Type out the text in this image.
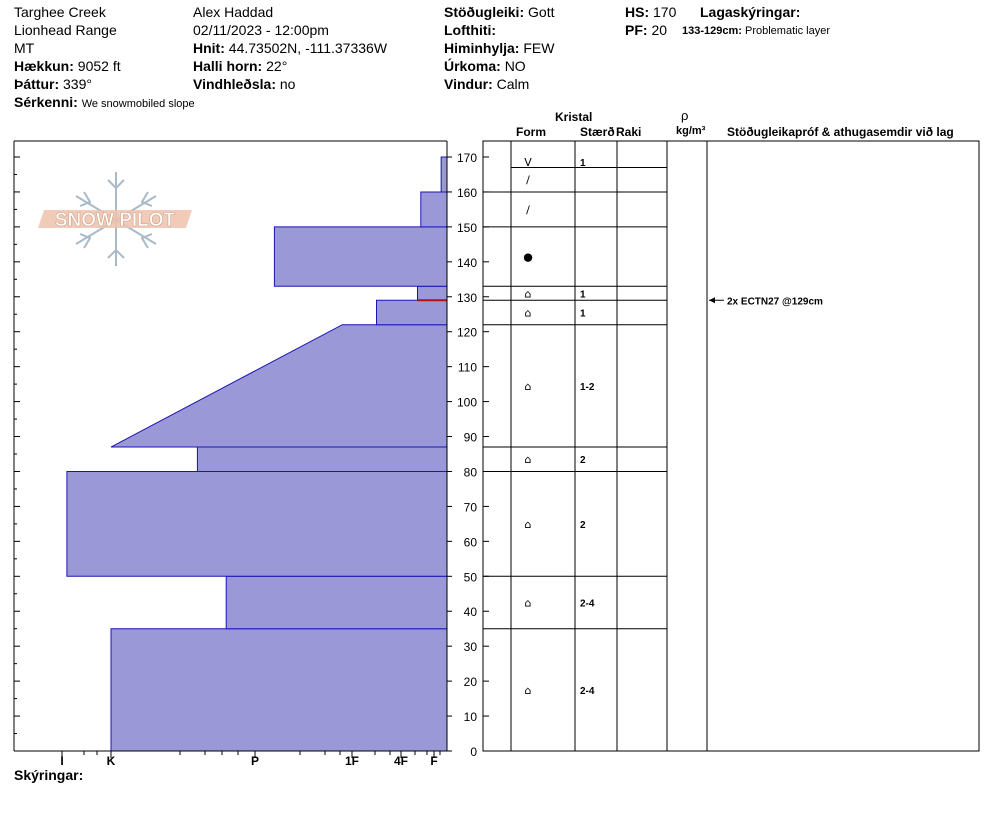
Targhee Creek
Lionhead Range
MT
Hækkun: 9052 ft
Þáttur: 339°
Sérkenni: We snowmobiled slope
Alex Haddad
02/11/2023 - 12:00pm
Hnit: 44.73502N, -111.37336W
Halli horn: 22°
Vindhleðsla: no
Stöðugleiki: Gott
Lofthiti:
Himinhylja: FEW
Úrkoma: NO
Vindur: Calm
HS: 170
PF: 20
Lagaskýringar:
133-129cm: Problematic layer
Kristal
Form	Stærð Raki
ρ
kg/m³ Stöðugleikapróf & athugasemdir við lag
SNOW PILOT
0
10
20
30
40
50
60
70
80
90
100
110
120
130
140
150
160
170
I	K	P	1F	4F F
V	1
/
/
●
⌂	1
⌂	1
⌂	1-2
⌂	2
⌂	2
⌂	2-4
⌂	2-4
2x ECTN27 @129cm
Skýringar:
